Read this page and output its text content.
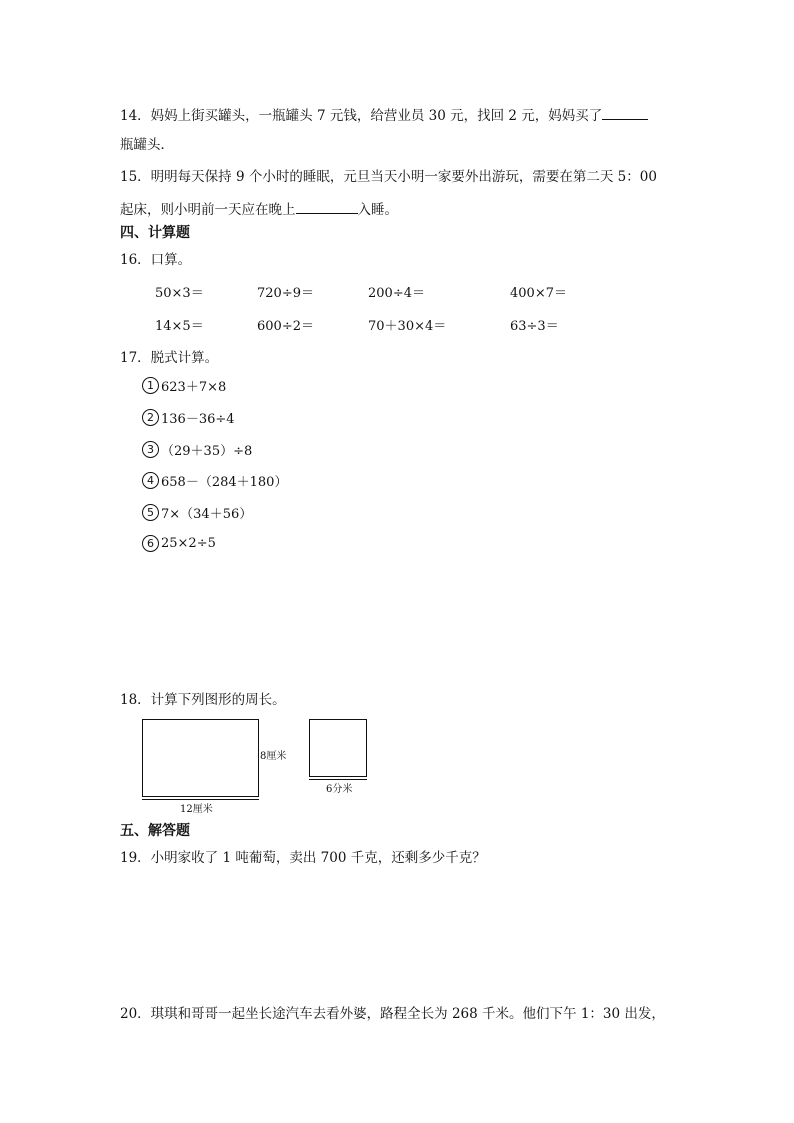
14．妈妈上街买罐头，一瓶罐头 7 元钱，给营业员 30 元，找回 2 元，妈妈买了
瓶罐头．
15．明明每天保持 9 个小时的睡眠，元旦当天小明一家要外出游玩，需要在第二天 5：00
起床，则小明前一天应在晚上	入睡。
四、计算题
16．口算。
50×3＝	720÷9＝	200÷4＝	400×7＝
14×5＝	600÷2＝	70＋30×4＝	63÷3＝
17．脱式计算。
1 623＋7×8
2 136－36÷4
3 （29＋35）÷8
4 658－（284＋180）
5 7×（34＋56）
6 25×2÷5
18．计算下列图形的周长。
8厘米
12厘米
6分米
五、解答题
19．小明家收了 1 吨葡萄，卖出 700 千克，还剩多少千克？
20．琪琪和哥哥一起坐长途汽车去看外婆，路程全长为 268 千米。他们下午 1：30 出发，
